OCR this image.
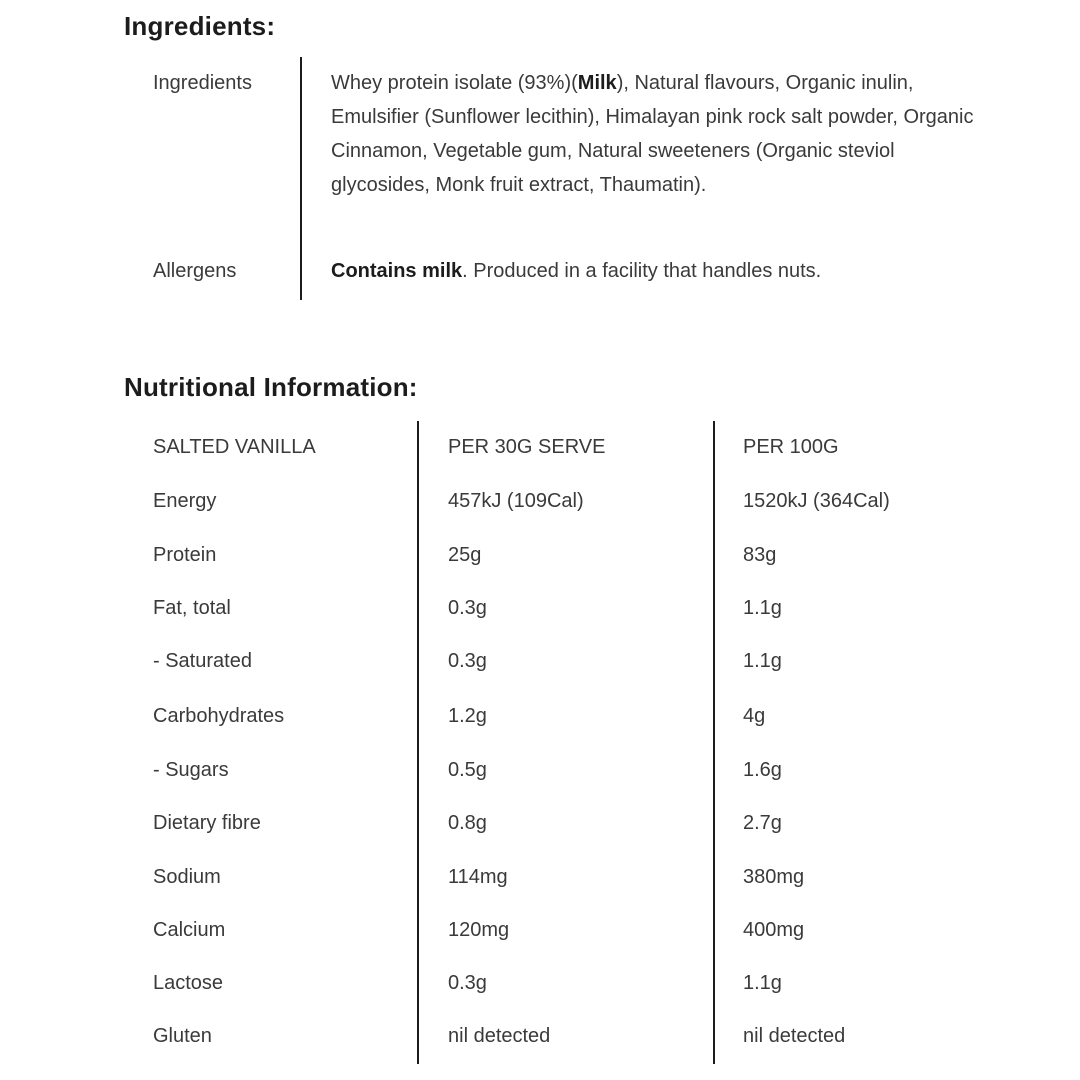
Ingredients:
Ingredients	Whey protein isolate (93%)(Milk), Natural flavours, Organic inulin, Emulsifier (Sunflower lecithin), Himalayan pink rock salt powder, Organic Cinnamon, Vegetable gum, Natural sweeteners (Organic steviol glycosides, Monk fruit extract, Thaumatin).
Allergens	Contains milk. Produced in a facility that handles nuts.
Nutritional Information:
SALTED VANILLA	PER 30G SERVE	PER 100G
Energy	457kJ (109Cal)	1520kJ (364Cal)
Protein	25g	83g
Fat, total	0.3g	1.1g
- Saturated	0.3g	1.1g
Carbohydrates	1.2g	4g
- Sugars	0.5g	1.6g
Dietary fibre	0.8g	2.7g
Sodium	114mg	380mg
Calcium	120mg	400mg
Lactose	0.3g	1.1g
Gluten	nil detected	nil detected
